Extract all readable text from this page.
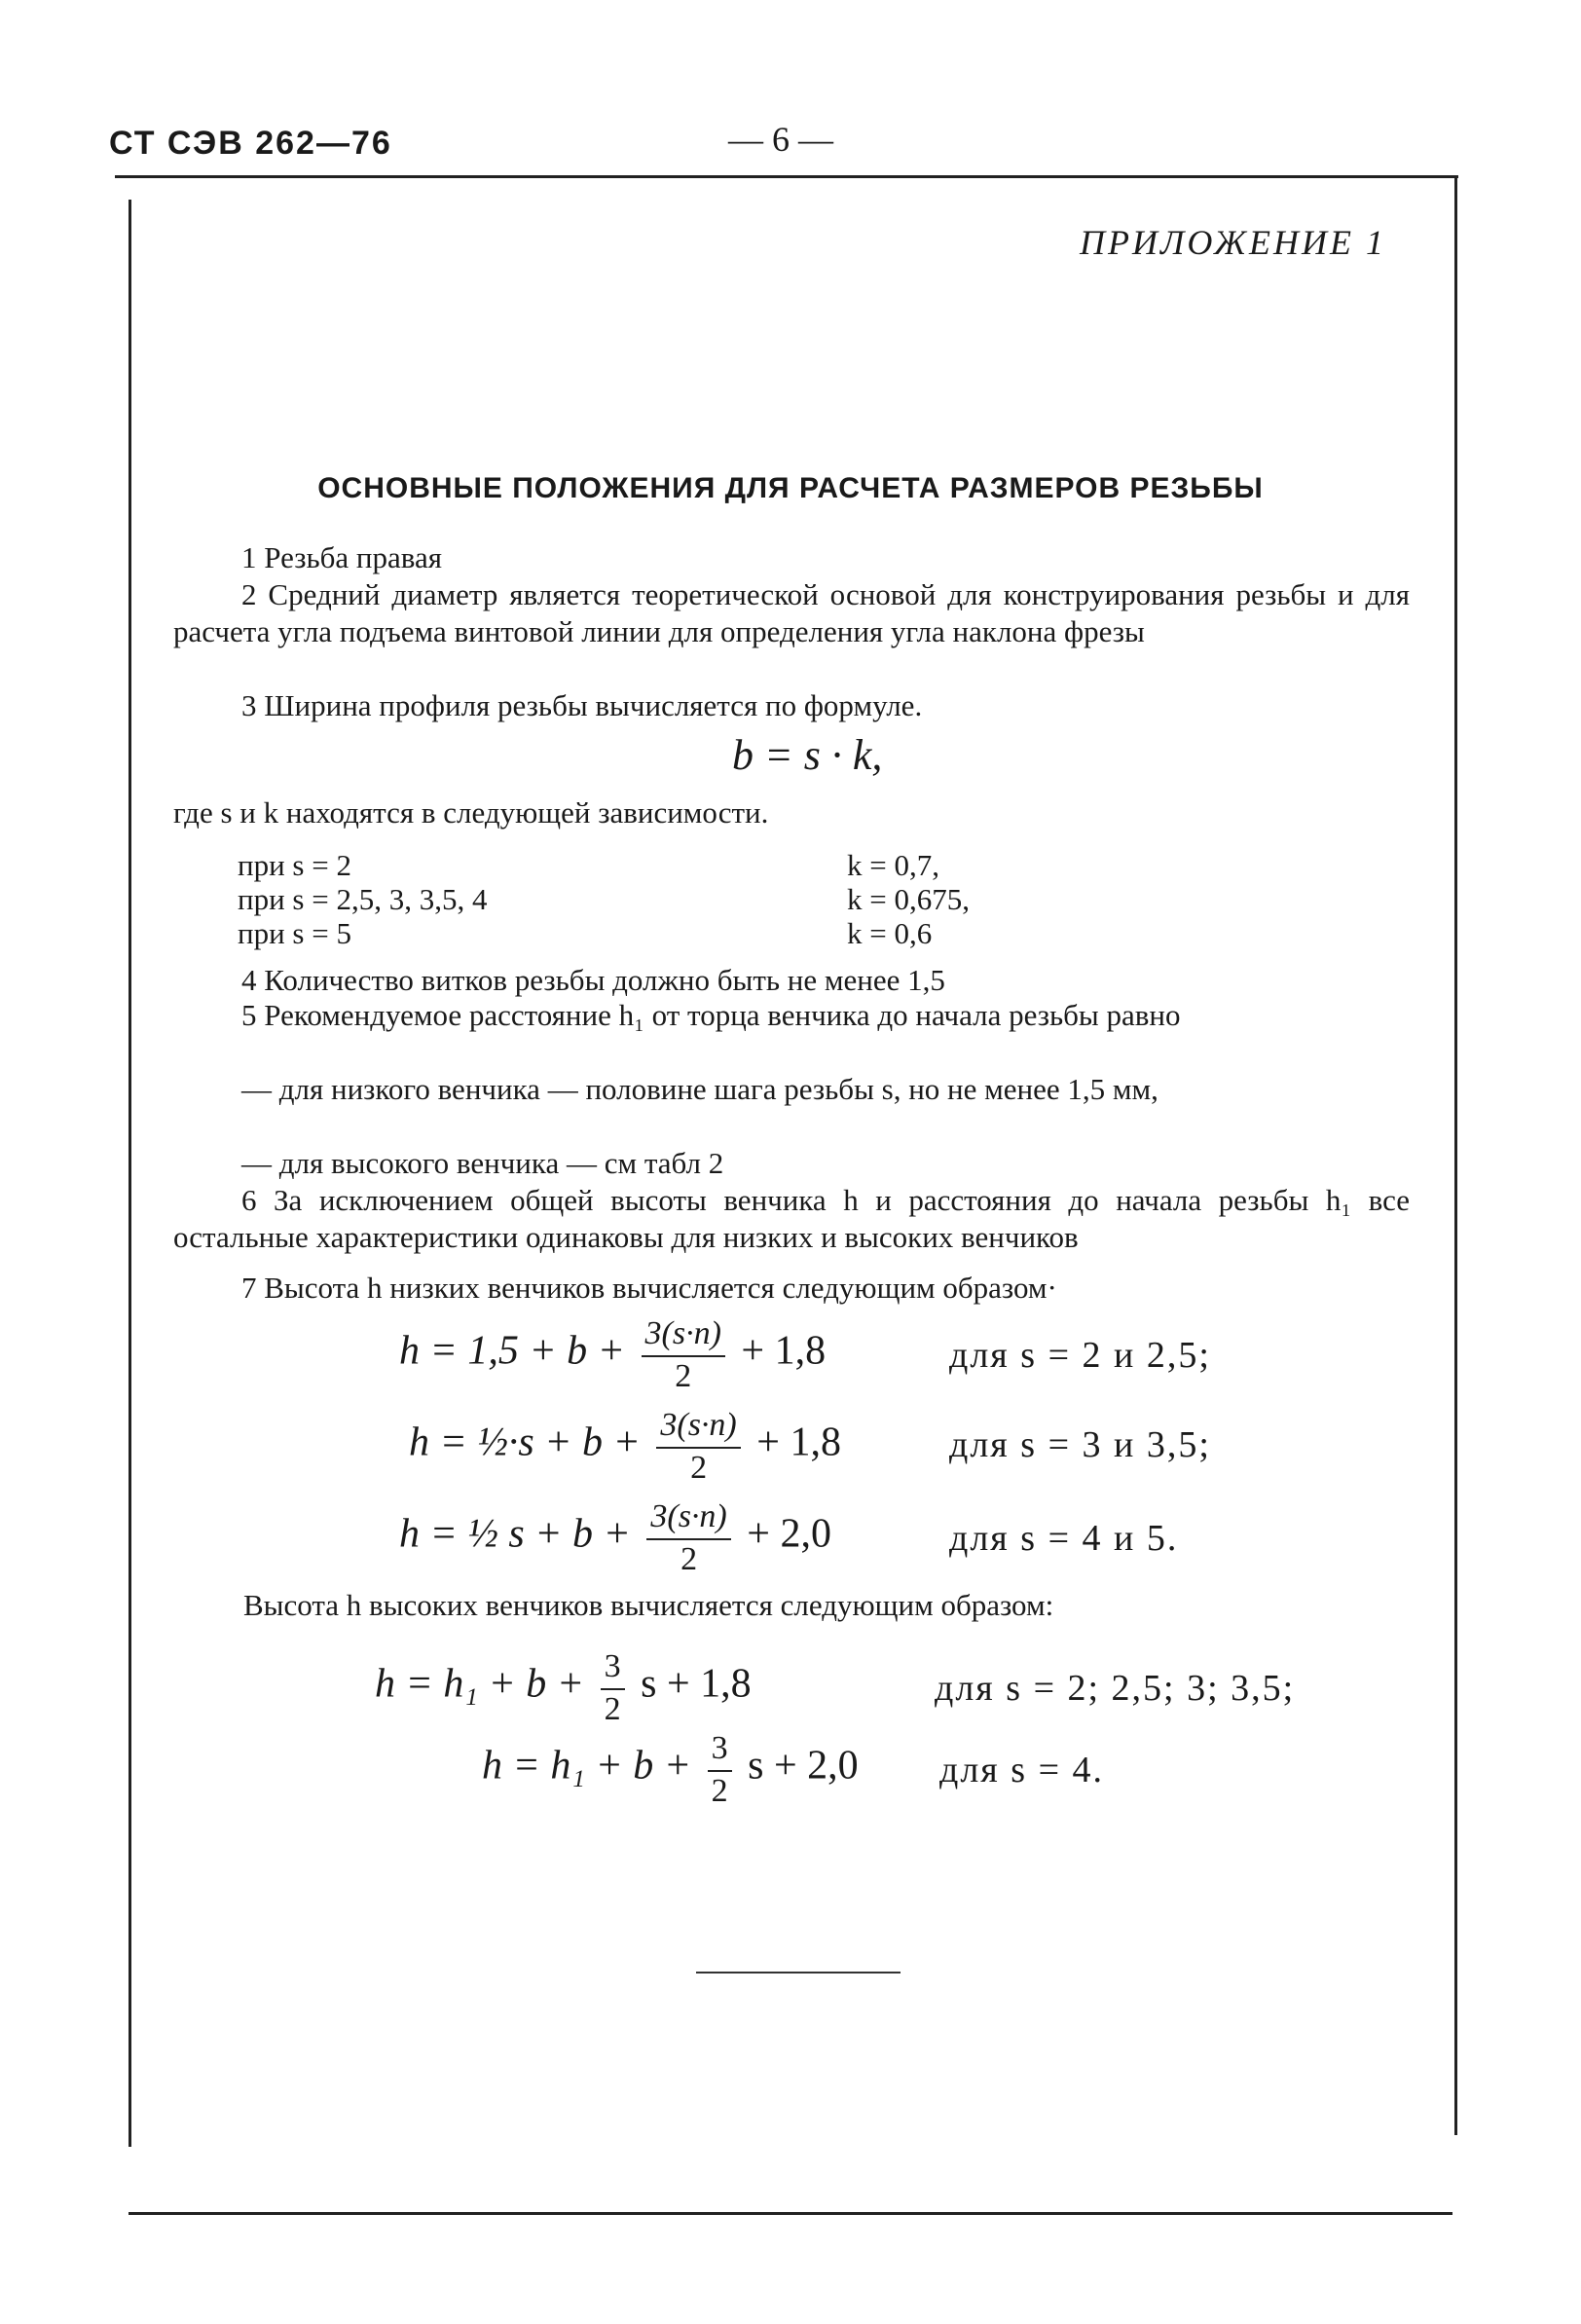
СТ СЭВ 262—76	— 6 —
ПРИЛОЖЕНИЕ 1
ОСНОВНЫЕ ПОЛОЖЕНИЯ ДЛЯ РАСЧЕТА РАЗМЕРОВ РЕЗЬБЫ
1 Резьба правая
2 Средний диаметр является теоретической основой для конструирования резьбы и для расчета угла подъема винтовой линии для определения угла наклона фрезы
3 Ширина профиля резьбы вычисляется по формуле.
b = s · k,
где s и k находятся в следующей зависимости.
при s = 2	k = 0,7,
при s = 2,5, 3, 3,5, 4	k = 0,675,
при s = 5	k = 0,6
4 Количество витков резьбы должно быть не менее 1,5
5 Рекомендуемое расстояние h₁ от торца венчика до начала резьбы равно
— для низкого венчика — половине шага резьбы s, но не менее 1,5 мм,
— для высокого венчика — см табл 2
6 За исключением общей высоты венчика h и расстояния до начала резьбы h₁ все остальные характеристики одинаковы для низких и высоких венчиков
7 Высота h низких венчиков вычисляется следующим образом·
$h = 1,5 + b + \frac{3(s\cdot n)}{2} + 1,8$	для s = 2 и 2,5;
h = ½·s + $b + \frac{3(s\cdot n)}{2} + 1,8$	для s = 3 и 3,5;
h = ½ $s + b + \frac{3(s\cdot n)}{2} + 2,0$	для s = 4 и 5.
Высота h высоких венчиков вычисляется следующим образом:
$h = h_1 + b + \frac{3}{2}$ s + 1,8	для s = 2; 2,5; 3; 3,5;
$h = h_1 + b + \frac{3}{2}$ s + 2,0 для s = 4.
